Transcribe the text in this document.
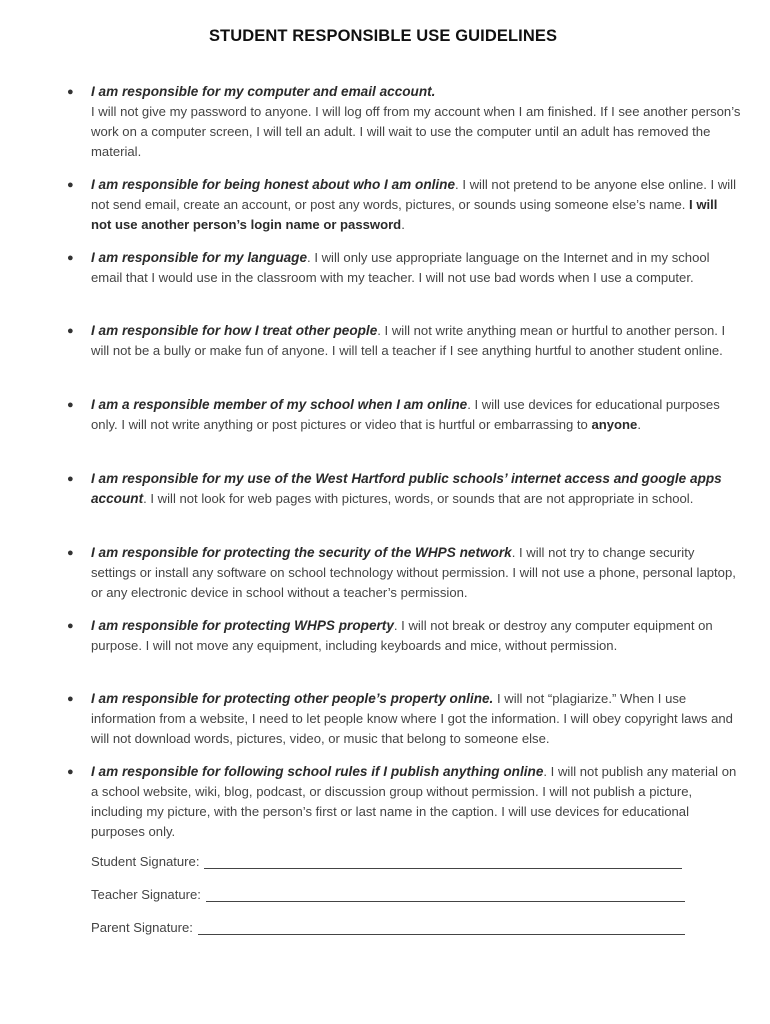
STUDENT RESPONSIBLE USE GUIDELINES
● I am responsible for my computer and email account.
I will not give my password to anyone. I will log off from my account when I am finished. If I see another person’s work on a computer screen, I will tell an adult. I will wait to use the computer until an adult has removed the material.
● I am responsible for being honest about who I am online. I will not pretend to be anyone else online. I will not send email, create an account, or post any words, pictures, or sounds using someone else’s name. I will not use another person’s login name or password.
● I am responsible for my language. I will only use appropriate language on the Internet and in my school email that I would use in the classroom with my teacher. I will not use bad words when I use a computer.
● I am responsible for how I treat other people. I will not write anything mean or hurtful to another person. I will not be a bully or make fun of anyone. I will tell a teacher if I see anything hurtful to another student online.
● I am a responsible member of my school when I am online. I will use devices for educational purposes only. I will not write anything or post pictures or video that is hurtful or embarrassing to anyone.
● I am responsible for my use of the West Hartford public schools’ internet access and google apps account. I will not look for web pages with pictures, words, or sounds that are not appropriate in school.
● I am responsible for protecting the security of the WHPS network. I will not try to change security settings or install any software on school technology without permission. I will not use a phone, personal laptop, or any electronic device in school without a teacher’s permission.
● I am responsible for protecting WHPS property. I will not break or destroy any computer equipment on purpose. I will not move any equipment, including keyboards and mice, without permission.
● I am responsible for protecting other people’s property online. I will not “plagiarize.” When I use information from a website, I need to let people know where I got the information. I will obey copyright laws and will not download words, pictures, video, or music that belong to someone else.
● I am responsible for following school rules if I publish anything online. I will not publish any material on a school website, wiki, blog, podcast, or discussion group without permission. I will not publish a picture, including my picture, with the person’s first or last name in the caption. I will use devices for educational purposes only.
Student Signature:
Teacher Signature:
Parent Signature:
